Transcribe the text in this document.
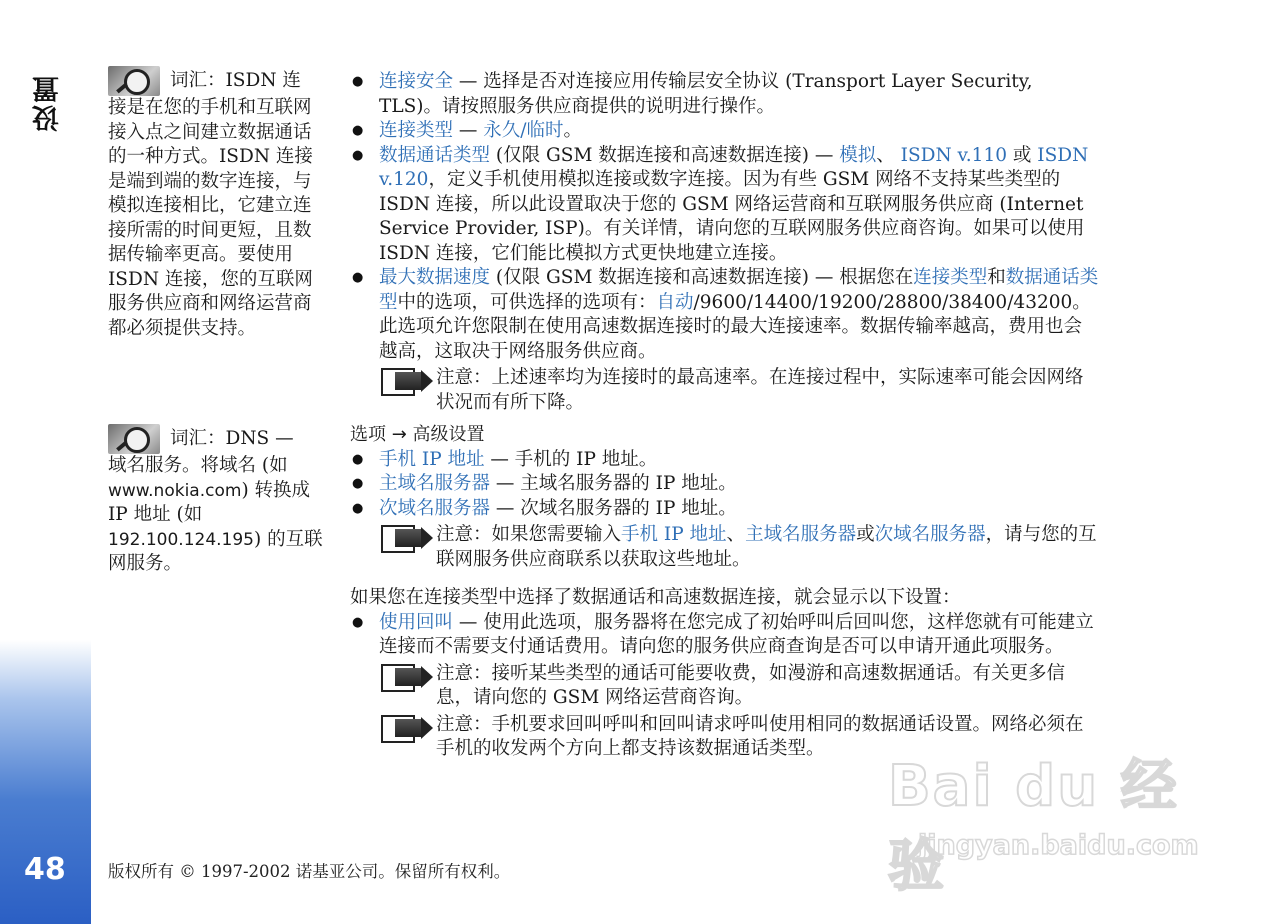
设置
48
词汇：ISDN 连
接是在您的手机和互联网接入点之间建立数据通话的一种方式。ISDN 连接是端到端的数字连接，与模拟连接相比，它建立连接所需的时间更短，且数据传输率更高。要使用 ISDN 连接，您的互联网服务供应商和网络运营商都必须提供支持。
词汇：DNS —
域名服务。将域名 (如 www.nokia.com) 转换成 IP 地址 (如 192.100.124.195) 的互联网服务。
● 连接安全 — 选择是否对连接应用传输层安全协议 (Transport Layer Security, TLS)。请按照服务供应商提供的说明进行操作。
● 连接类型 — 永久/临时。
● 数据通话类型 (仅限 GSM 数据连接和高速数据连接) — 模拟、 ISDN v.110 或 ISDN v.120，定义手机使用模拟连接或数字连接。因为有些 GSM 网络不支持某些类型的 ISDN 连接，所以此设置取决于您的 GSM 网络运营商和互联网服务供应商 (Internet Service Provider, ISP)。有关详情，请向您的互联网服务供应商咨询。如果可以使用 ISDN 连接，它们能比模拟方式更快地建立连接。
● 最大数据速度 (仅限 GSM 数据连接和高速数据连接) — 根据您在连接类型和数据通话类型中的选项，可供选择的选项有：自动/9600/14400/19200/28800/38400/43200。此选项允许您限制在使用高速数据连接时的最大连接速率。数据传输率越高，费用也会越高，这取决于网络服务供应商。
注意：上述速率均为连接时的最高速率。在连接过程中，实际速率可能会因网络状况而有所下降。
选项 → 高级设置
● 手机 IP 地址 — 手机的 IP 地址。
● 主域名服务器 — 主域名服务器的 IP 地址。
● 次域名服务器 — 次域名服务器的 IP 地址。
注意：如果您需要输入手机 IP 地址、主域名服务器或次域名服务器，请与您的互联网服务供应商联系以获取这些地址。
如果您在连接类型中选择了数据通话和高速数据连接，就会显示以下设置：
● 使用回叫 — 使用此选项，服务器将在您完成了初始呼叫后回叫您，这样您就有可能建立连接而不需要支付通话费用。请向您的服务供应商查询是否可以申请开通此项服务。
注意：接听某些类型的通话可能要收费，如漫游和高速数据通话。有关更多信息，请向您的 GSM 网络运营商咨询。
注意：手机要求回叫呼叫和回叫请求呼叫使用相同的数据通话设置。网络必须在手机的收发两个方向上都支持该数据通话类型。
版权所有 © 1997-2002 诺基亚公司。保留所有权利。
Bai du 经验
jingyan.baidu.com
